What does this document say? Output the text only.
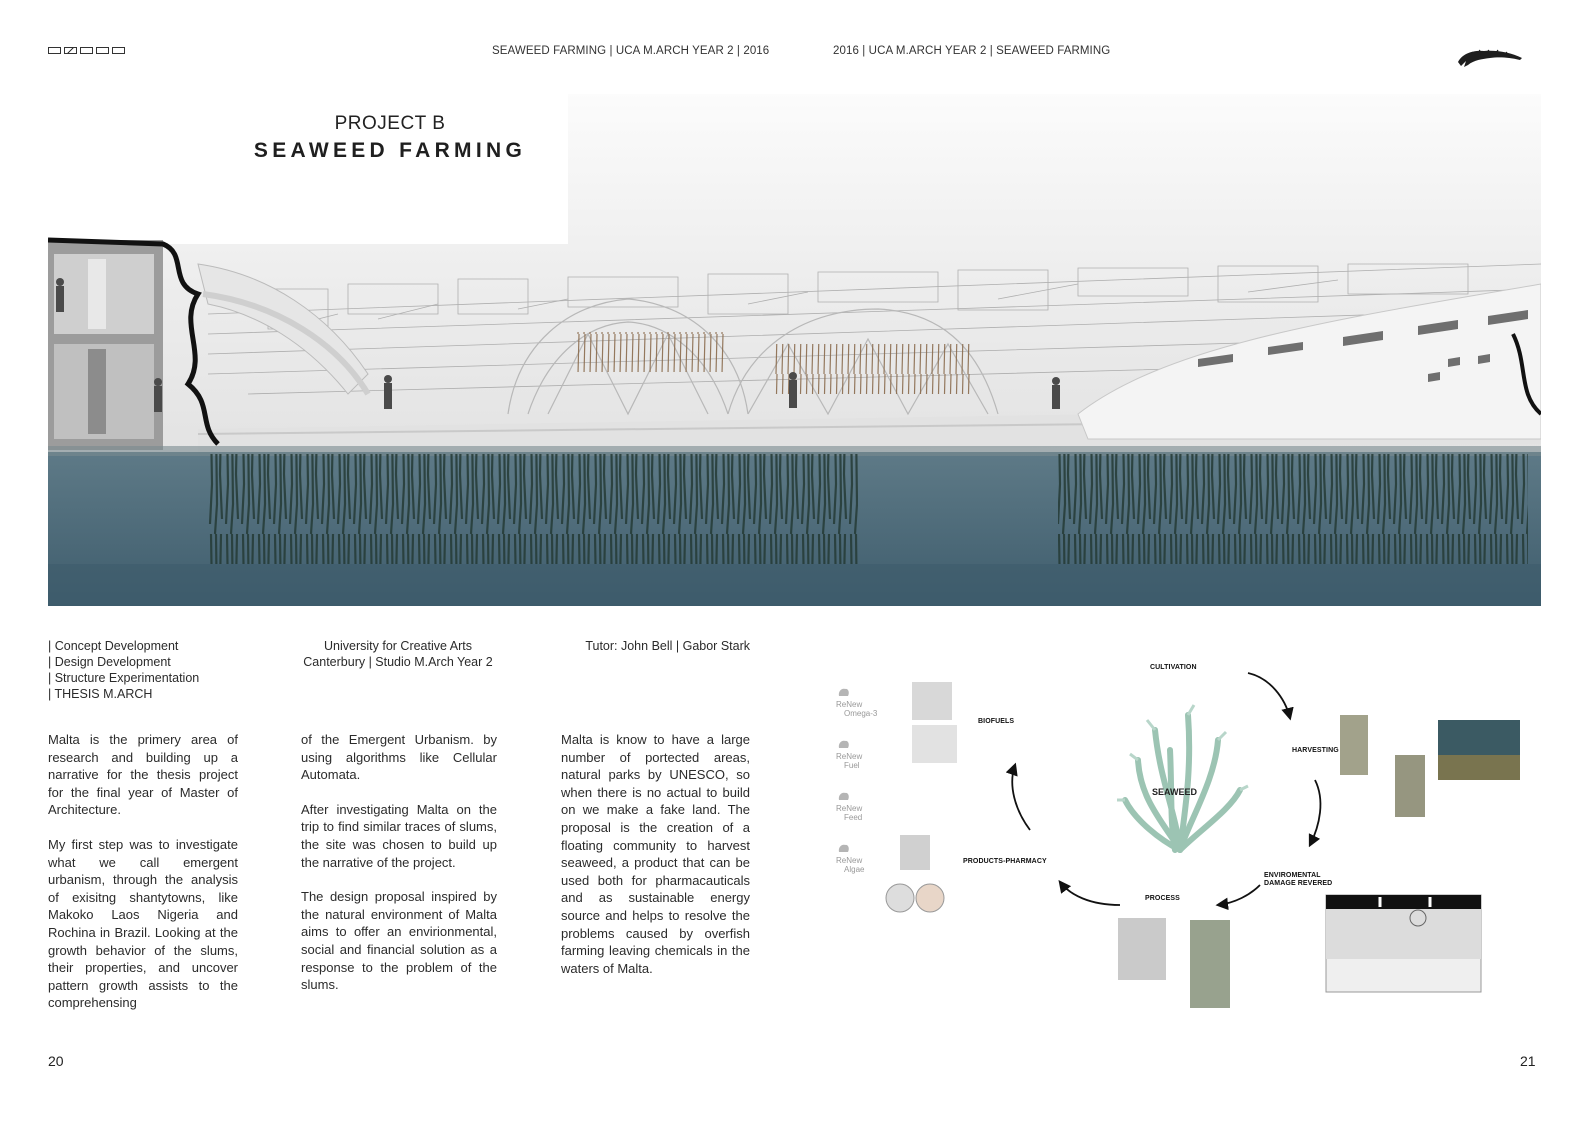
SEAWEED FARMING | UCA M.ARCH YEAR 2 | 2016	2016 | UCA M.ARCH YEAR 2 | SEAWEED FARMING
PROJECT B
SEAWEED FARMING
| Concept Development
| Design Development
| Structure Experimentation
| THESIS M.ARCH
University for Creative Arts
Canterbury | Studio M.Arch Year 2
Tutor: John Bell | Gabor Stark

Malta is the primery area of research and building up a narrative for the thesis project for the final year of Master of Architecture.

My first step was to investigate what we call emergent urbanism, through the analysis of exisitng shantytowns, like Makoko Laos Nigeria and Rochina in Brazil. Looking at the growth behavior of the slums, their properties, and uncover pattern growth assists to the comprehensing

of the Emergent Urbanism. by using algorithms like Cellular Automata.

After investigating Malta on the trip to find similar traces of slums, the site was chosen to build up the narrative of the project.

The design proposal inspired by the natural environment of Malta aims to offer an envirionmental, social and financial solution as a response to the problem of the slums.

Malta is know to have a large number of portected areas, natural parks by UNESCO, so when there is no actual to build on we make a fake land. The proposal is the creation of a floating community to harvest seaweed, a product that can be used both for pharmacauticals and as sustainable energy source and helps to resolve the problems caused by overfish farming leaving chemicals in the waters of Malta.

20	21
CULTIVATION
HARVESTING
ENVIROMENTAL
DAMAGE REVERED
PROCESS
PRODUCTS-PHARMACY
BIOFUELS
SEAWEED
ReNew
Omega-3
ReNew
Fuel
ReNew
Feed
ReNew
Algae
